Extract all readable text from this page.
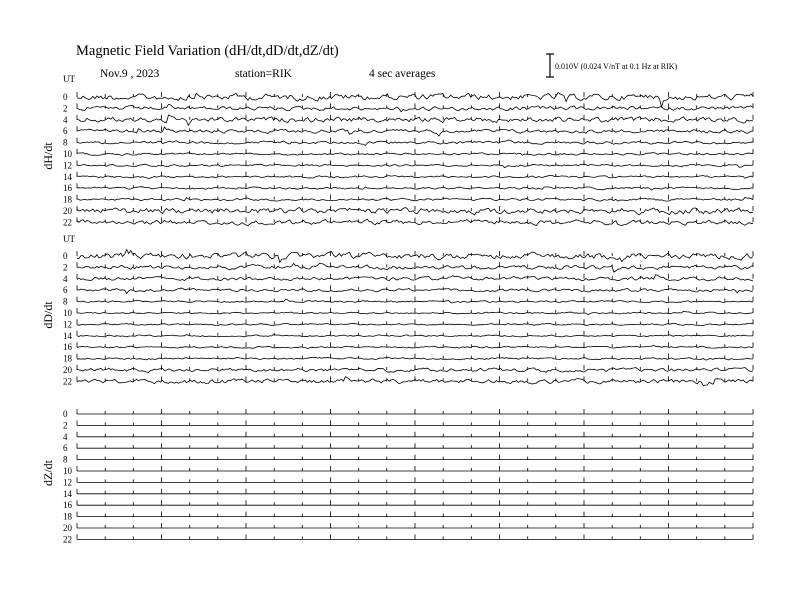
Magnetic Field Variation (dH/dt,dD/dt,dZ/dt)
Nov.9 , 2023	station=RIK	4 sec averages
0.010V (0.024 V/nT at 0.1 Hz at RIK)
UT
dH/dt
0
2
4
6
8
10
12
14
16
18
20
22
UT
dD/dt
0
2
4
6
8
10
12
14
16
18
20
22
dZ/dt
0
2
4
6
8
10
12
14
16
18
20
22
